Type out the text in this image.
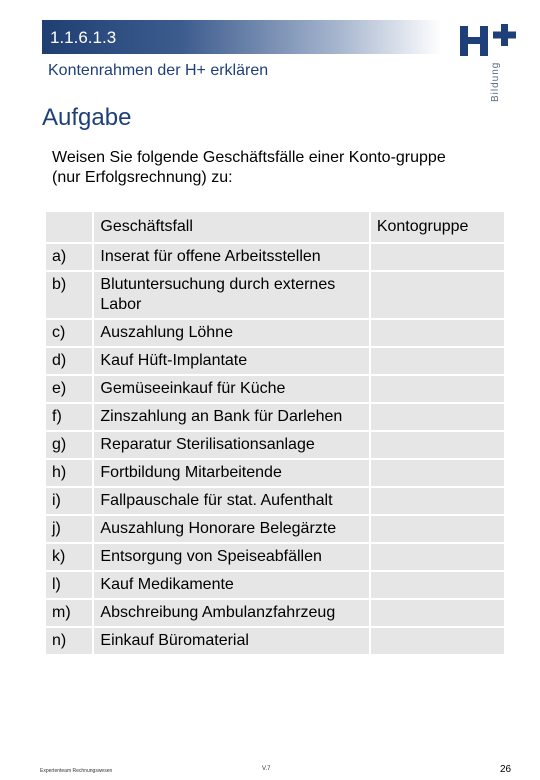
1.1.6.1.3
Kontenrahmen der H+ erklären	Bildung
Aufgabe
Weisen Sie folgende Geschäftsfälle einer Konto-gruppe (nur Erfolgsrechnung) zu:
	Geschäftsfall	Kontogruppe
a)	Inserat für offene Arbeitsstellen	
b)	Blutuntersuchung durch externes Labor	
c)	Auszahlung Löhne	
d)	Kauf Hüft-Implantate	
e)	Gemüseeinkauf für Küche	
f)	Zinszahlung an Bank für Darlehen	
g)	Reparatur Sterilisationsanlage	
h)	Fortbildung Mitarbeitende	
i)	Fallpauschale für stat. Aufenthalt	
j)	Auszahlung Honorare Belegärzte	
k)	Entsorgung von Speiseabfällen	
l)	Kauf Medikamente	
m)	Abschreibung Ambulanzfahrzeug	
n)	Einkauf Büromaterial	
Expertenteam Rechnungswesen	V.7	26
